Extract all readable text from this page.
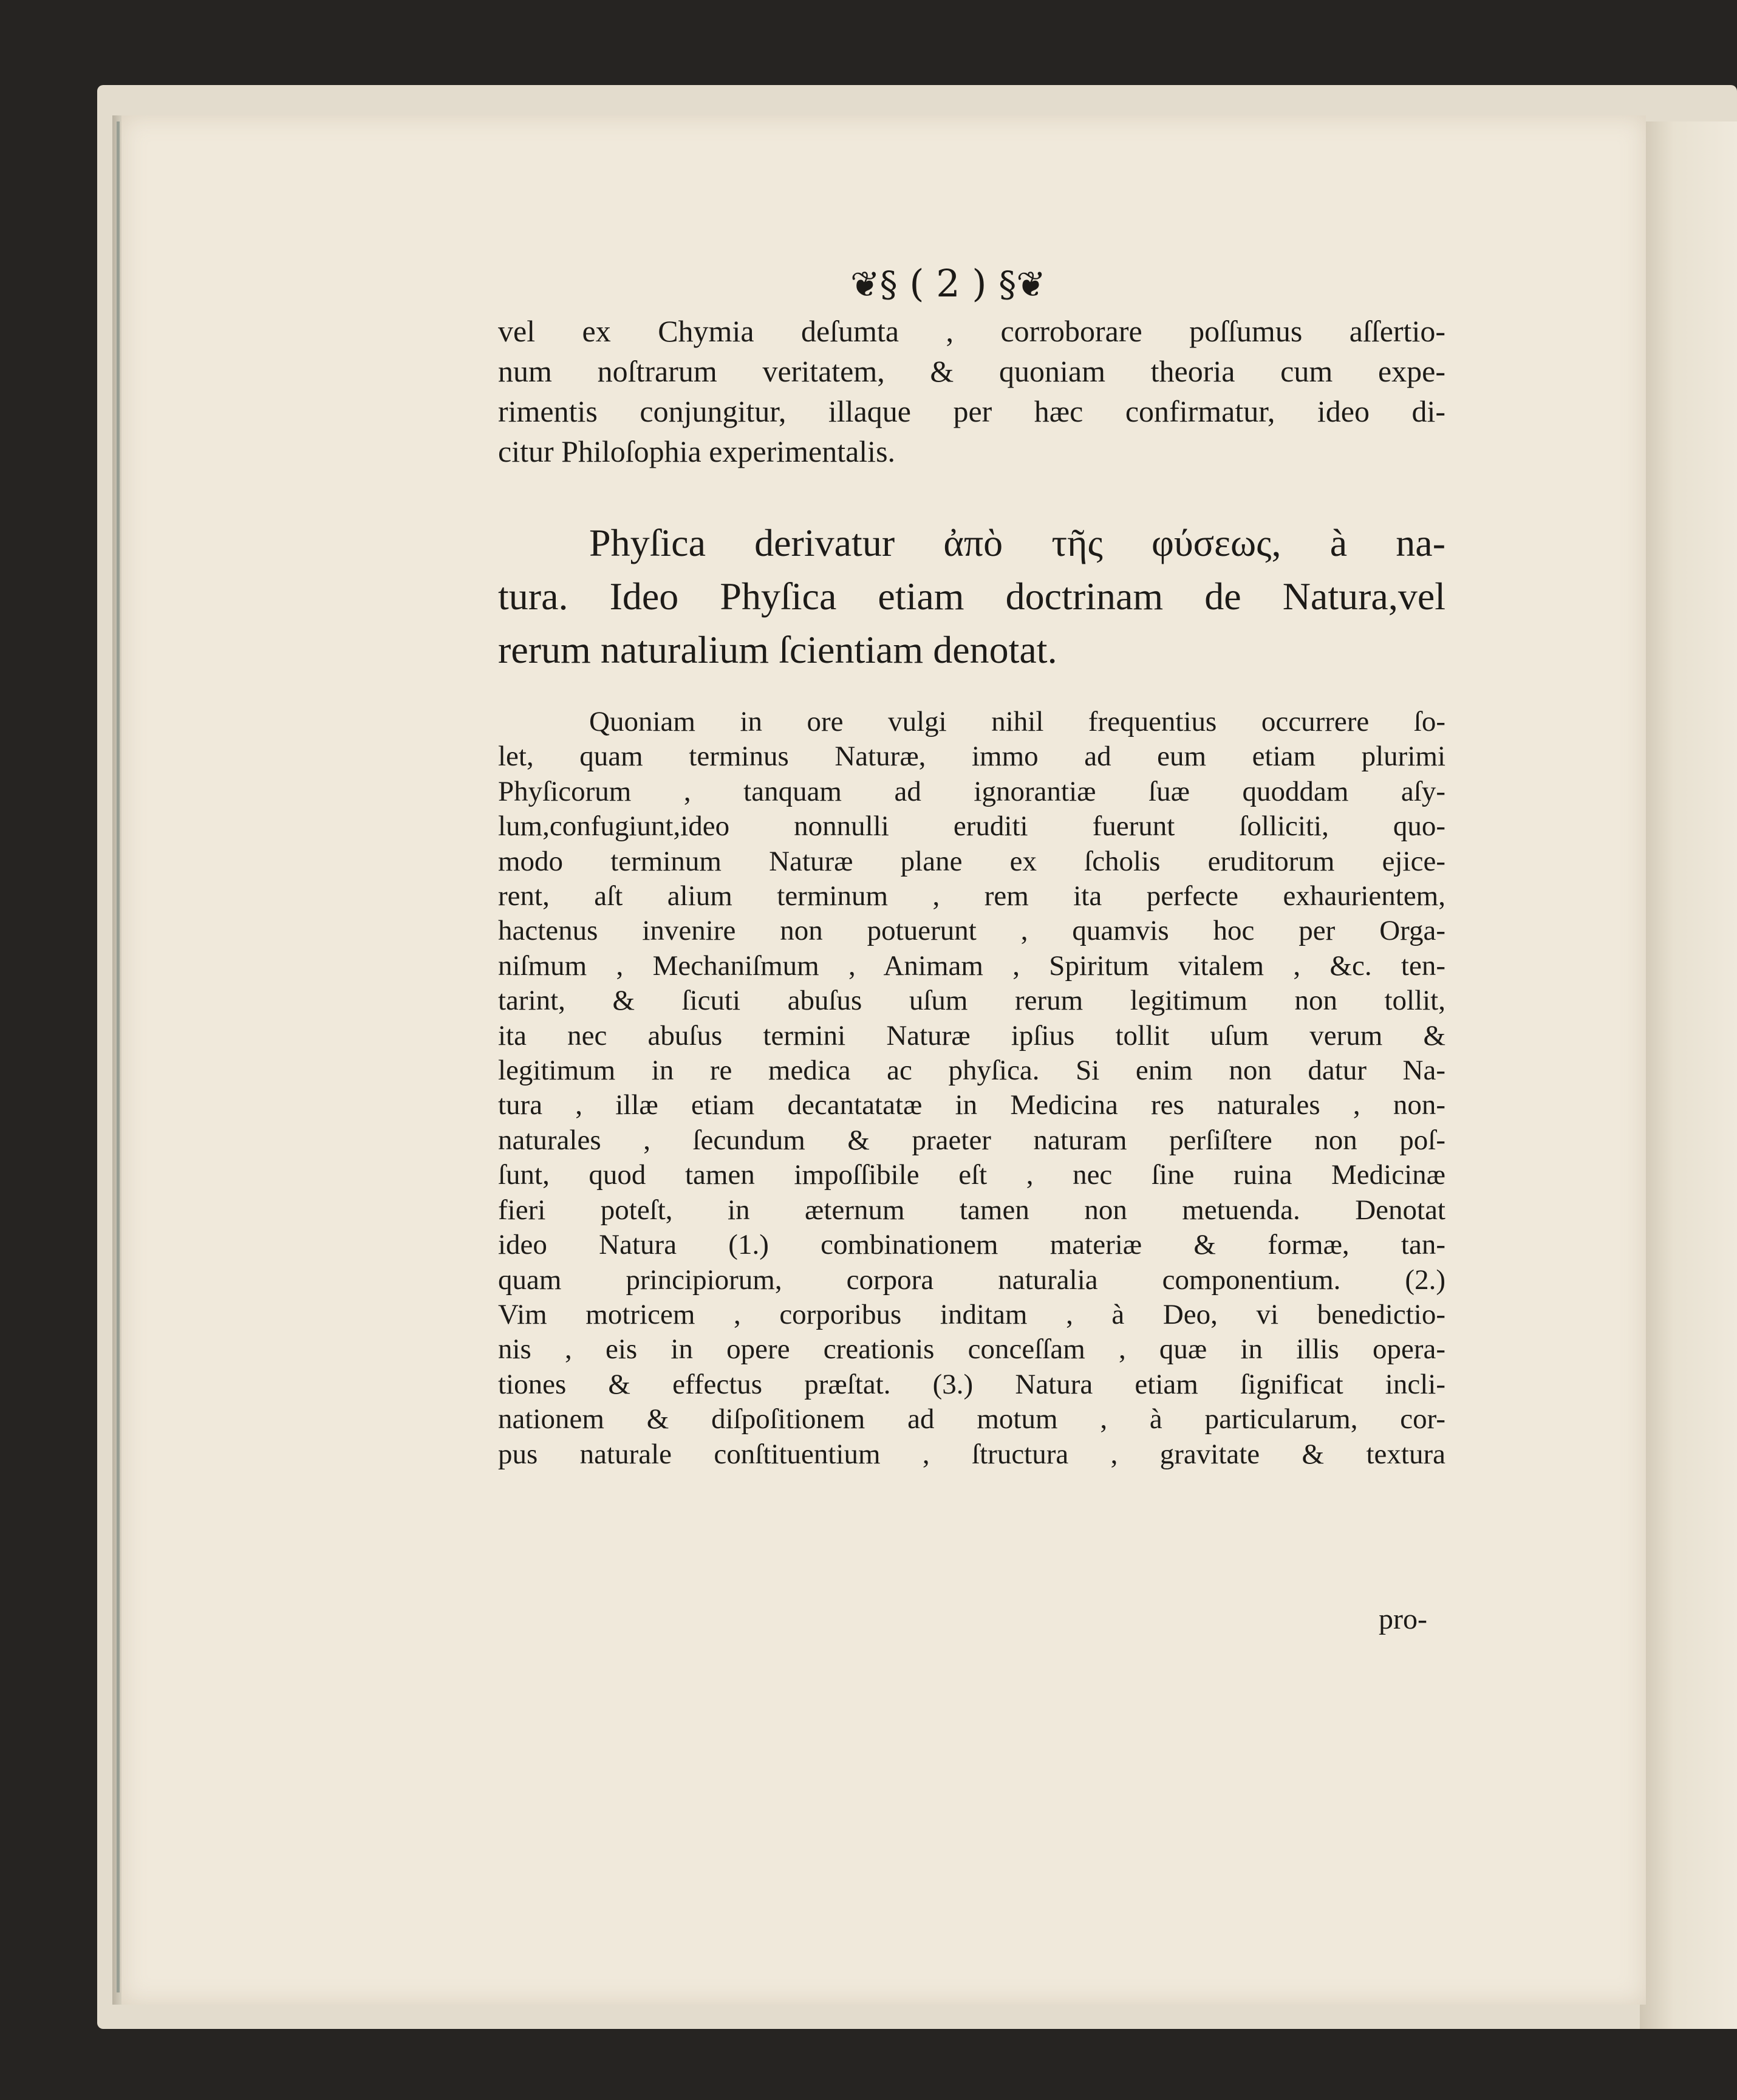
❦§ ( 2 ) §❦
vel ex Chymia deſumta , corroborare poſſumus aſſertio-
num noſtrarum veritatem, & quoniam theoria cum expe-
rimentis conjungitur, illaque per hæc confirmatur, ideo di-
citur Philoſophia experimentalis.
Phyſica derivatur ἀπὸ τῆς φύσεως, à na-
tura. Ideo Phyſica etiam doctrinam de Natura,vel
rerum naturalium ſcientiam denotat.
Quoniam in ore vulgi nihil frequentius occurrere ſo-
let, quam terminus Naturæ, immo ad eum etiam plurimi
Phyſicorum , tanquam ad ignorantiæ ſuæ quoddam aſy-
lum,confugiunt,ideo nonnulli eruditi fuerunt ſolliciti, quo-
modo terminum Naturæ plane ex ſcholis eruditorum ejice-
rent, aſt alium terminum , rem ita perfecte exhaurientem,
hactenus invenire non potuerunt , quamvis hoc per Orga-
niſmum , Mechaniſmum , Animam , Spiritum vitalem , &c. ten-
tarint, & ſicuti abuſus uſum rerum legitimum non tollit,
ita nec abuſus termini Naturæ ipſius tollit uſum verum &
legitimum in re medica ac phyſica. Si enim non datur Na-
tura , illæ etiam decantatatæ in Medicina res naturales , non-
naturales , ſecundum & praeter naturam perſiſtere non poſ-
ſunt, quod tamen impoſſibile eſt , nec ſine ruina Medicinæ
fieri poteſt, in æternum tamen non metuenda. Denotat
ideo Natura (1.) combinationem materiæ & formæ, tan-
quam principiorum, corpora naturalia componentium. (2.)
Vim motricem , corporibus inditam , à Deo, vi benedictio-
nis , eis in opere creationis conceſſam , quæ in illis opera-
tiones & effectus præſtat. (3.) Natura etiam ſignificat incli-
nationem & diſpoſitionem ad motum , à particularum, cor-
pus naturale conſtituentium , ſtructura , gravitate & textura
pro-
